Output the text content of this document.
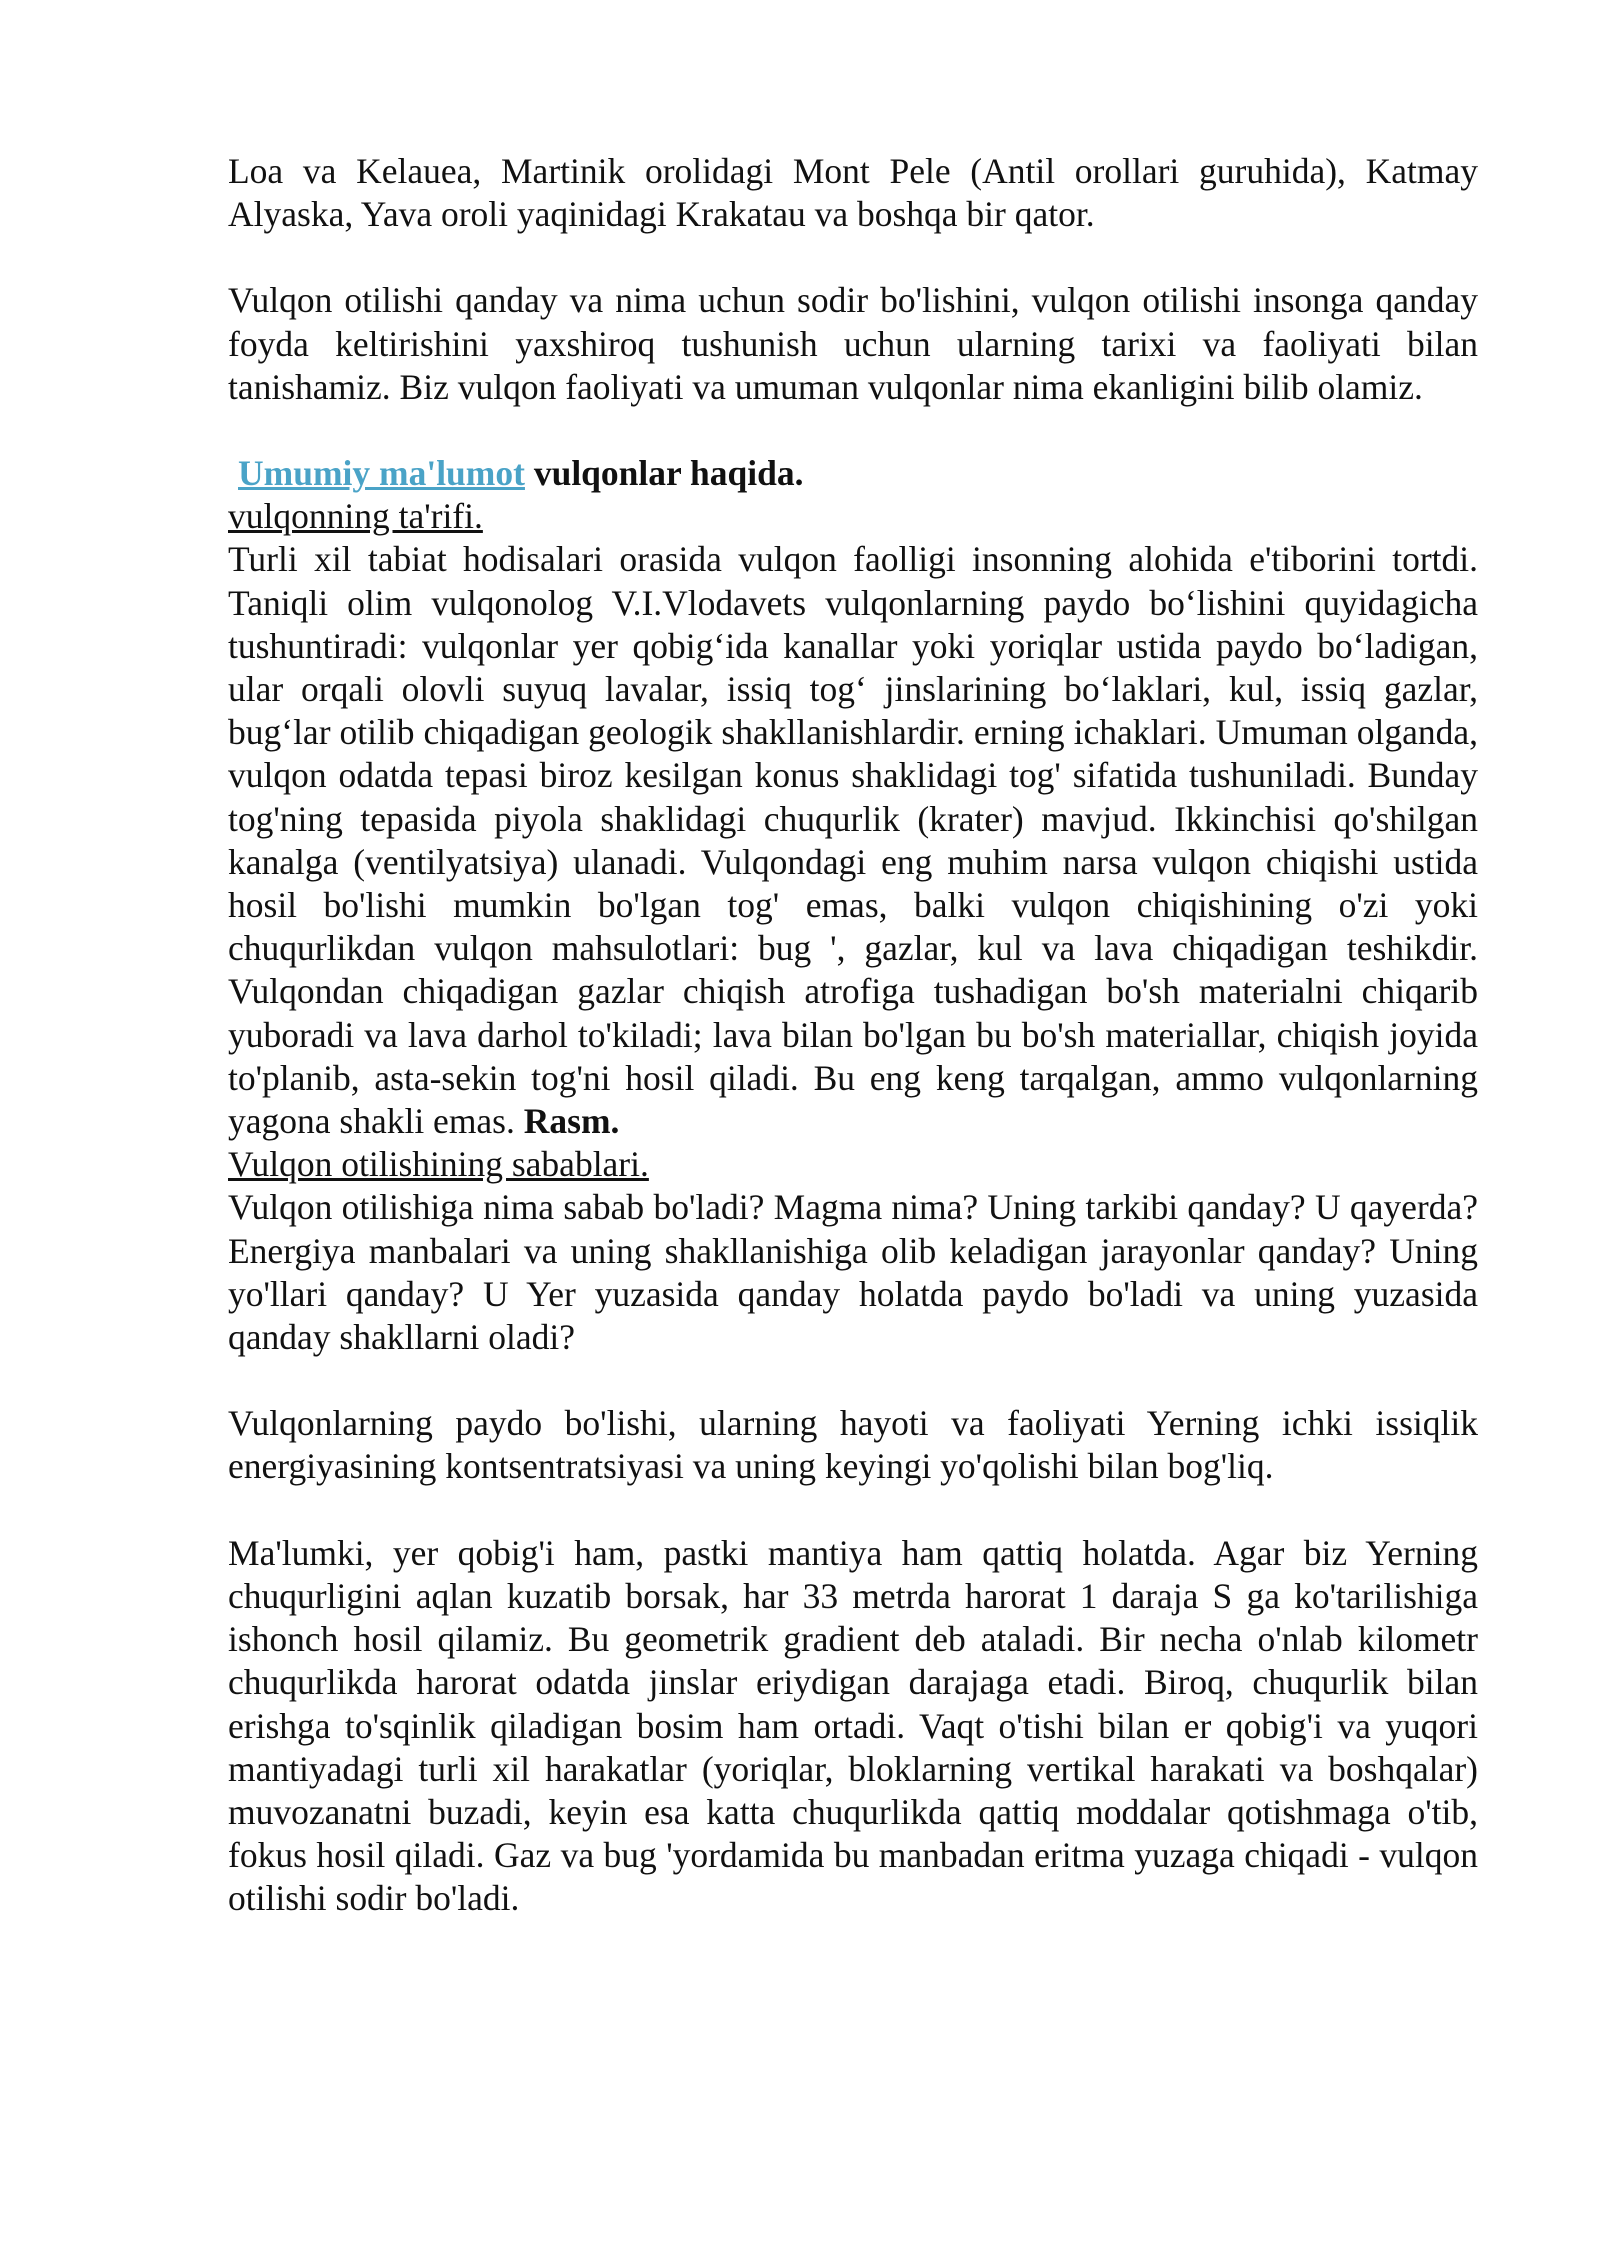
Loa va Kelauea, Martinik orolidagi Mont Pele (Antil orollari guruhida), Katmay Alyaska, Yava oroli yaqinidagi Krakatau va boshqa bir qator.

Vulqon otilishi qanday va nima uchun sodir bo'lishini, vulqon otilishi insonga qanday foyda keltirishini yaxshiroq tushunish uchun ularning tarixi va faoliyati bilan tanishamiz. Biz vulqon faoliyati va umuman vulqonlar nima ekanligini bilib olamiz.

Umumiy ma'lumot vulqonlar haqida.

vulqonning ta'rifi.

Turli xil tabiat hodisalari orasida vulqon faolligi insonning alohida e'tiborini tortdi. Taniqli olim vulqonolog V.I.Vlodavets vulqonlarning paydo bo‘lishini quyidagicha tushuntiradi: vulqonlar yer qobig‘ida kanallar yoki yoriqlar ustida paydo bo‘ladigan, ular orqali olovli suyuq lavalar, issiq tog‘ jinslarining bo‘laklari, kul, issiq gazlar, bug‘lar otilib chiqadigan geologik shakllanishlardir. erning ichaklari. Umuman olganda, vulqon odatda tepasi biroz kesilgan konus shaklidagi tog' sifatida tushuniladi. Bunday tog'ning tepasida piyola shaklidagi chuqurlik (krater) mavjud. Ikkinchisi qo'shilgan kanalga (ventilyatsiya) ulanadi. Vulqondagi eng muhim narsa vulqon chiqishi ustida hosil bo'lishi mumkin bo'lgan tog' emas, balki vulqon chiqishining o'zi yoki chuqurlikdan vulqon mahsulotlari: bug ', gazlar, kul va lava chiqadigan teshikdir. Vulqondan chiqadigan gazlar chiqish atrofiga tushadigan bo'sh materialni chiqarib yuboradi va lava darhol to'kiladi; lava bilan bo'lgan bu bo'sh materiallar, chiqish joyida to'planib, asta-sekin tog'ni hosil qiladi. Bu eng keng tarqalgan, ammo vulqonlarning yagona shakli emas. Rasm.

Vulqon otilishining sabablari.

Vulqon otilishiga nima sabab bo'ladi? Magma nima? Uning tarkibi qanday? U qayerda? Energiya manbalari va uning shakllanishiga olib keladigan jarayonlar qanday? Uning yo'llari qanday? U Yer yuzasida qanday holatda paydo bo'ladi va uning yuzasida qanday shakllarni oladi?

Vulqonlarning paydo bo'lishi, ularning hayoti va faoliyati Yerning ichki issiqlik energiyasining kontsentratsiyasi va uning keyingi yo'qolishi bilan bog'liq.

Ma'lumki, yer qobig'i ham, pastki mantiya ham qattiq holatda. Agar biz Yerning chuqurligini aqlan kuzatib borsak, har 33 metrda harorat 1 daraja S ga ko'tarilishiga ishonch hosil qilamiz. Bu geometrik gradient deb ataladi. Bir necha o'nlab kilometr chuqurlikda harorat odatda jinslar eriydigan darajaga etadi. Biroq, chuqurlik bilan erishga to'sqinlik qiladigan bosim ham ortadi. Vaqt o'tishi bilan er qobig'i va yuqori mantiyadagi turli xil harakatlar (yoriqlar, bloklarning vertikal harakati va boshqalar) muvozanatni buzadi, keyin esa katta chuqurlikda qattiq moddalar qotishmaga o'tib, fokus hosil qiladi. Gaz va bug 'yordamida bu manbadan eritma yuzaga chiqadi - vulqon otilishi sodir bo'ladi.
